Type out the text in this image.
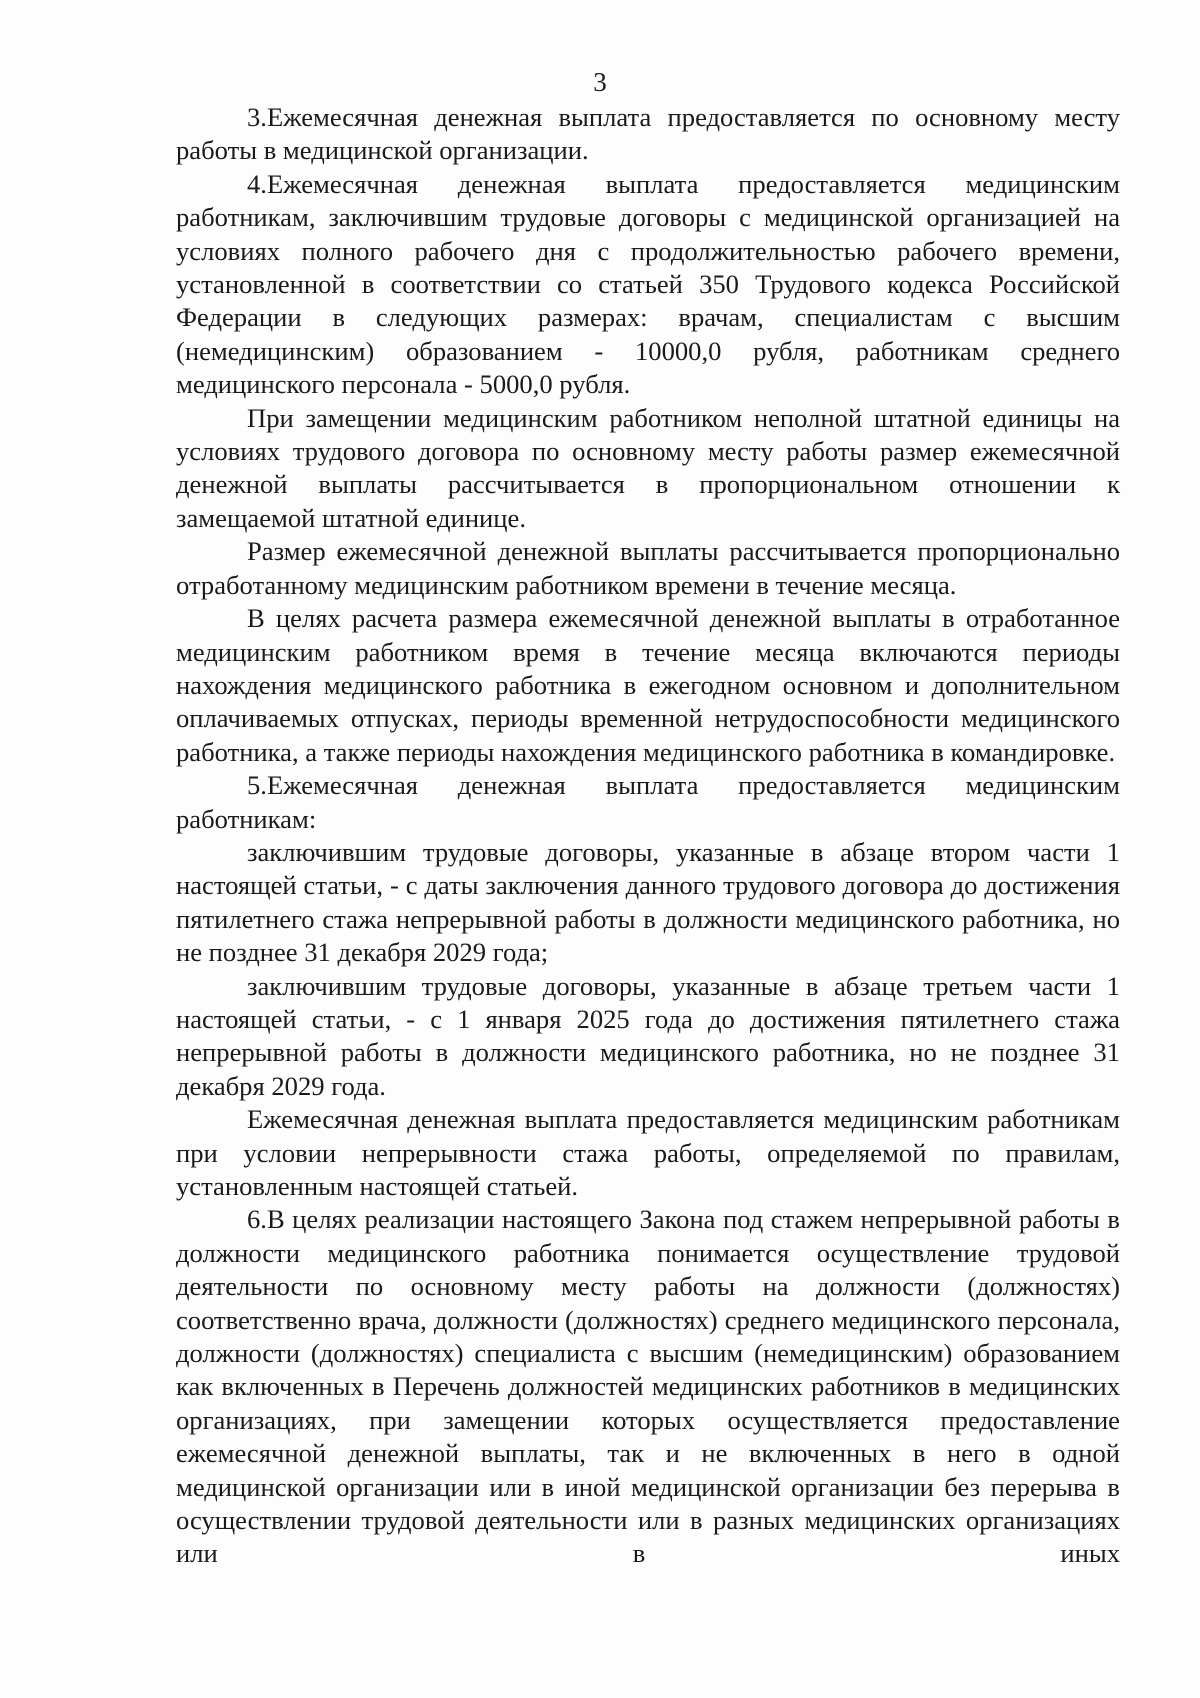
3

3.Ежемесячная денежная выплата предоставляется по основному месту работы в медицинской организации.

4.Ежемесячная денежная выплата предоставляется медицинским работникам, заключившим трудовые договоры с медицинской организацией на условиях полного рабочего дня с продолжительностью рабочего времени, установленной в соответствии со статьей 350 Трудового кодекса Российской Федерации в следующих размерах: врачам, специалистам с высшим (немедицинским) образованием - 10000,0 рубля, работникам среднего медицинского персонала - 5000,0 рубля.

При замещении медицинским работником неполной штатной единицы на условиях трудового договора по основному месту работы размер ежемесячной денежной выплаты рассчитывается в пропорциональном отношении к замещаемой штатной единице.

Размер ежемесячной денежной выплаты рассчитывается пропорционально отработанному медицинским работником времени в течение месяца.

В целях расчета размера ежемесячной денежной выплаты в отработанное медицинским работником время в течение месяца включаются периоды нахождения медицинского работника в ежегодном основном и дополнительном оплачиваемых отпусках, периоды временной нетрудоспособности медицинского работника, а также периоды нахождения медицинского работника в командировке.

5.Ежемесячная денежная выплата предоставляется медицинским работникам:

заключившим трудовые договоры, указанные в абзаце втором части 1 настоящей статьи, - с даты заключения данного трудового договора до достижения пятилетнего стажа непрерывной работы в должности медицинского работника, но не позднее 31 декабря 2029 года;

заключившим трудовые договоры, указанные в абзаце третьем части 1 настоящей статьи, - с 1 января 2025 года до достижения пятилетнего стажа непрерывной работы в должности медицинского работника, но не позднее 31 декабря 2029 года.

Ежемесячная денежная выплата предоставляется медицинским работникам при условии непрерывности стажа работы, определяемой по правилам, установленным настоящей статьей.

6.В целях реализации настоящего Закона под стажем непрерывной работы в должности медицинского работника понимается осуществление трудовой деятельности по основному месту работы на должности (должностях) соответственно врача, должности (должностях) среднего медицинского персонала, должности (должностях) специалиста с высшим (немедицинским) образованием как включенных в Перечень должностей медицинских работников в медицинских организациях, при замещении которых осуществляется предоставление ежемесячной денежной выплаты, так и не включенных в него в одной медицинской организации или в иной медицинской организации без перерыва в осуществлении трудовой деятельности или в разных медицинских организациях или в иных
